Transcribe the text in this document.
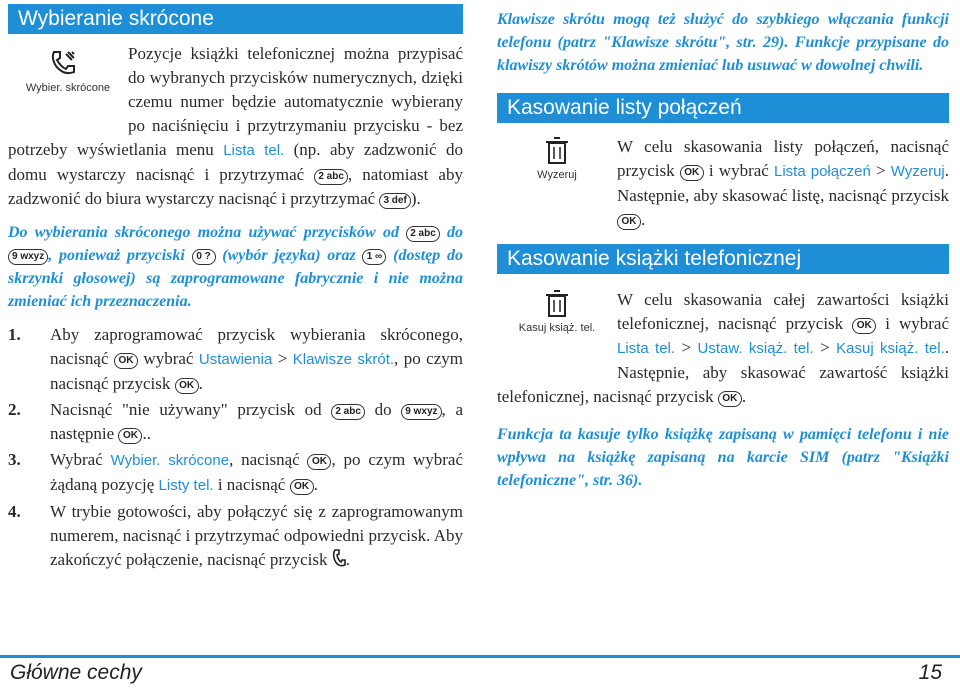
Wybieranie skrócone
Wybier. skrócone

Pozycje książki telefonicznej można przypisać do wybranych przycisków numerycznych, dzięki czemu numer będzie automatycznie wybierany po naciśnięciu i przytrzymaniu przycisku - bez potrzeby wyświetlania menu Lista tel. (np. aby zadzwonić do domu wystarczy nacisnąć i przytrzymać 2 abc , natomiast aby zadzwonić do biura wystarczy nacisnąć i przytrzymać 3 def ).

Do wybierania skróconego można używać przycisków od 2 abc do 9 wxyz , ponieważ przyciski 0 ? (wybór języka) oraz 1 ∞ (dostęp do skrzynki głosowej) są zaprogramowane fabrycznie i nie można zmieniać ich przeznaczenia.

1. Aby zaprogramować przycisk wybierania skróconego, nacisnąć OK wybrać Ustawienia > Klawisze skrót., po czym nacisnąć przycisk OK .
2. Nacisnąć "nie używany" przycisk od 2 abc do 9 wxyz , a następnie OK ..
3. Wybrać Wybier. skrócone, nacisnąć OK , po czym wybrać żądaną pozycję Listy tel. i nacisnąć OK .
4. W trybie gotowości, aby połączyć się z zaprogramowanym numerem, nacisnąć i przytrzymać odpowiedni przycisk. Aby zakończyć połączenie, nacisnąć przycisk .

Klawisze skrótu mogą też służyć do szybkiego włączania funkcji telefonu (patrz "Klawisze skrótu", str. 29). Funkcje przypisane do klawiszy skrótów można zmieniać lub usuwać w dowolnej chwili.

Kasowanie listy połączeń
Wyzeruj

W celu skasowania listy połączeń, nacisnąć przycisk OK i wybrać Lista połączeń > Wyzeruj. Następnie, aby skasować listę, nacisnąć przycisk OK .

Kasowanie książki telefonicznej
Kasuj książ. tel.

W celu skasowania całej zawartości książki telefonicznej, nacisnąć przycisk OK i wybrać Lista tel. > Ustaw. książ. tel. > Kasuj książ. tel.. Następnie, aby skasować zawartość książki telefonicznej, nacisnąć przycisk OK .

Funkcja ta kasuje tylko książkę zapisaną w pamięci telefonu i nie wpływa na książkę zapisaną na karcie SIM (patrz "Książki telefoniczne", str. 36).

Główne cechy	15
